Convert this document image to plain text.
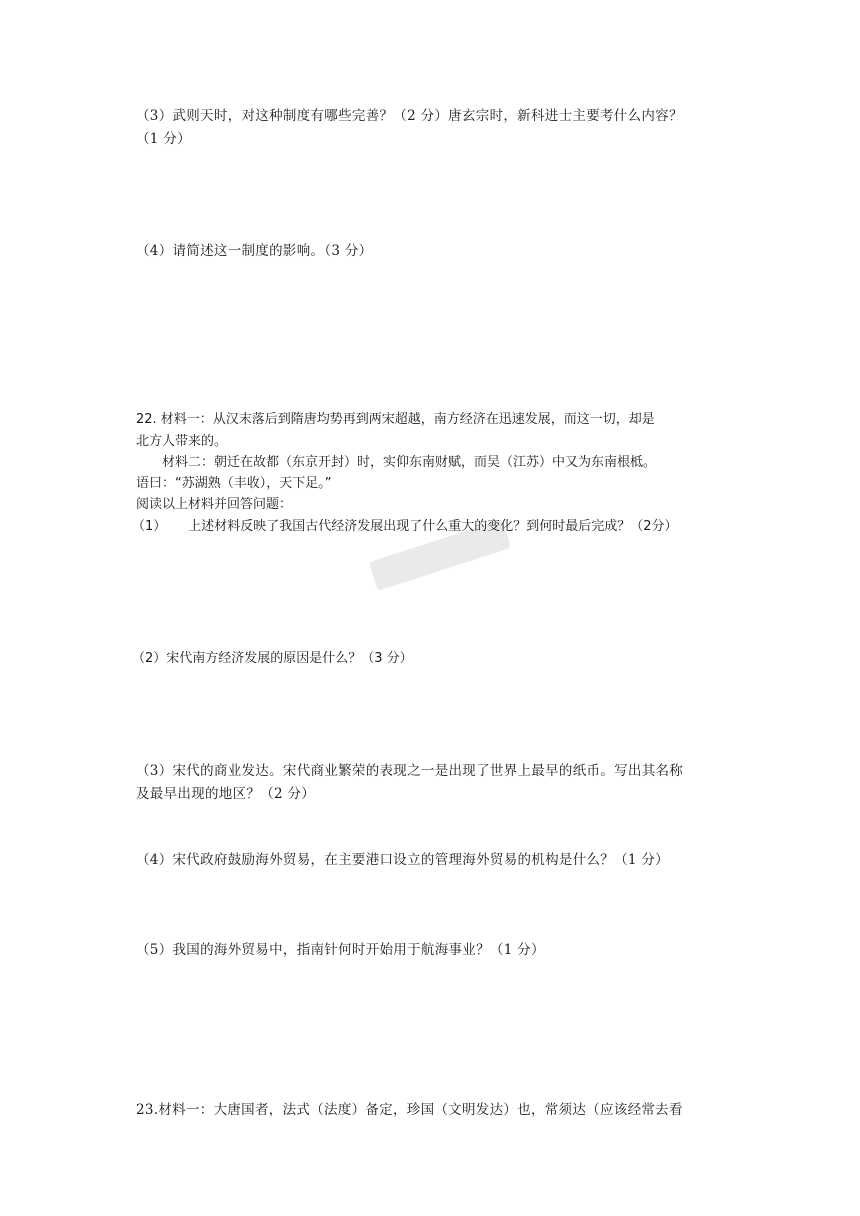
（3）武则天时，对这种制度有哪些完善？（2 分）唐玄宗时，新科进士主要考什么内容？
（1 分）
（4）请简述这一制度的影响。（3 分）
22. 材料一：从汉末落后到隋唐均势再到两宋超越，南方经济在迅速发展，而这一切，却是
北方人带来的。
材料二：朝迁在故都（东京开封）时，实仰东南财赋，而吴（江苏）中又为东南根柢。
语曰：“苏湖熟（丰收），天下足。”
阅读以上材料并回答问题：
（1） 上述材料反映了我国古代经济发展出现了什么重大的变化？到何时最后完成？（2分）
（2）宋代南方经济发展的原因是什么？（3 分）
（3）宋代的商业发达。宋代商业繁荣的表现之一是出现了世界上最早的纸币。写出其名称
及最早出现的地区？（2 分）
（4）宋代政府鼓励海外贸易，在主要港口设立的管理海外贸易的机构是什么？（1 分）
（5）我国的海外贸易中，指南针何时开始用于航海事业？（1 分）
23.材料一：大唐国者，法式（法度）备定，珍国（文明发达）也，常须达（应该经常去看
